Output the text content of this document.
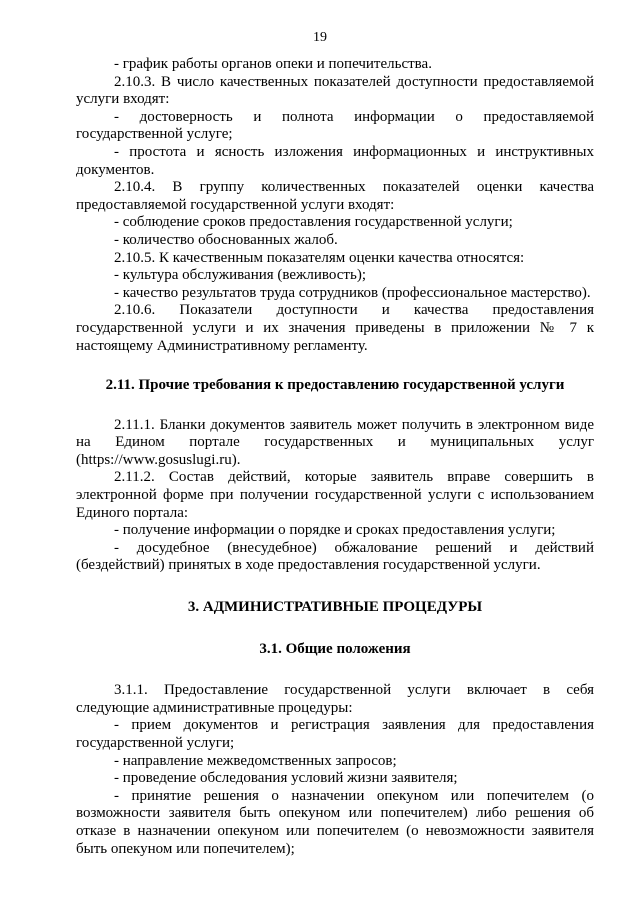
19

- график работы органов опеки и попечительства.

2.10.3. В число качественных показателей доступности предоставляемой услуги входят:

- достоверность и полнота информации о предоставляемой государственной услуге;

- простота и ясность изложения информационных и инструктивных документов.

2.10.4. В группу количественных показателей оценки качества предоставляемой государственной услуги входят:

- соблюдение сроков предоставления государственной услуги;

- количество обоснованных жалоб.

2.10.5. К качественным показателям оценки качества относятся:

- культура обслуживания (вежливость);

- качество результатов труда сотрудников (профессиональное мастерство).

2.10.6. Показатели доступности и качества предоставления государственной услуги и их значения приведены в приложении № 7 к настоящему Административному регламенту.

2.11. Прочие требования к предоставлению государственной услуги

2.11.1. Бланки документов заявитель может получить в электронном виде на Едином портале государственных и муниципальных услуг (https://www.gosuslugi.ru).

2.11.2. Состав действий, которые заявитель вправе совершить в электронной форме при получении государственной услуги с использованием Единого портала:

- получение информации о порядке и сроках предоставления услуги;

- досудебное (внесудебное) обжалование решений и действий (бездействий) принятых в ходе предоставления государственной услуги.

3. АДМИНИСТРАТИВНЫЕ ПРОЦЕДУРЫ

3.1. Общие положения

3.1.1. Предоставление государственной услуги включает в себя следующие административные процедуры:

- прием документов и регистрация заявления для предоставления государственной услуги;

- направление межведомственных запросов;

- проведение обследования условий жизни заявителя;

- принятие решения о назначении опекуном или попечителем (о возможности заявителя быть опекуном или попечителем) либо решения об отказе в назначении опекуном или попечителем (о невозможности заявителя быть опекуном или попечителем);
